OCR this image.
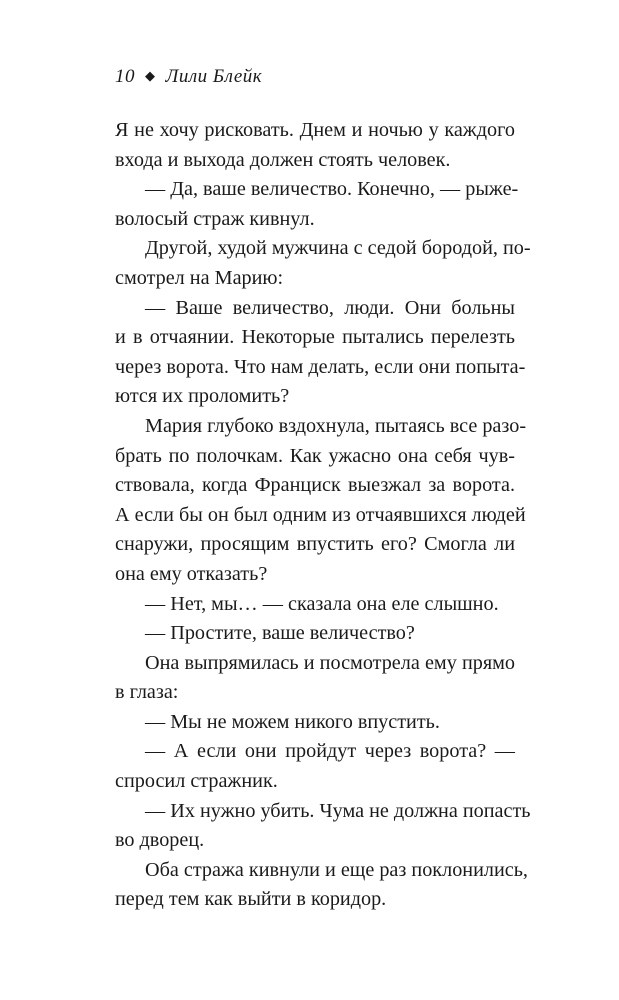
10 ◆ Лили Блейк
Я не хочу рисковать. Днем и ночью у каждого
входа и выхода должен стоять человек.
— Да, ваше величество. Конечно, — рыже-
волосый страж кивнул.
Другой, худой мужчина с седой бородой, по-
смотрел на Марию:
— Ваше величество, люди. Они больны
и в отчаянии. Некоторые пытались перелезть
через ворота. Что нам делать, если они попыта-
ются их проломить?
Мария глубоко вздохнула, пытаясь все разо-
брать по полочкам. Как ужасно она себя чув-
ствовала, когда Франциск выезжал за ворота.
А если бы он был одним из отчаявшихся людей
снаружи, просящим впустить его? Смогла ли
она ему отказать?
— Нет, мы… — сказала она еле слышно.
— Простите, ваше величество?
Она выпрямилась и посмотрела ему прямо
в глаза:
— Мы не можем никого впустить.
— А если они пройдут через ворота? —
спросил стражник.
— Их нужно убить. Чума не должна попасть
во дворец.
Оба стража кивнули и еще раз поклонились,
перед тем как выйти в коридор.
